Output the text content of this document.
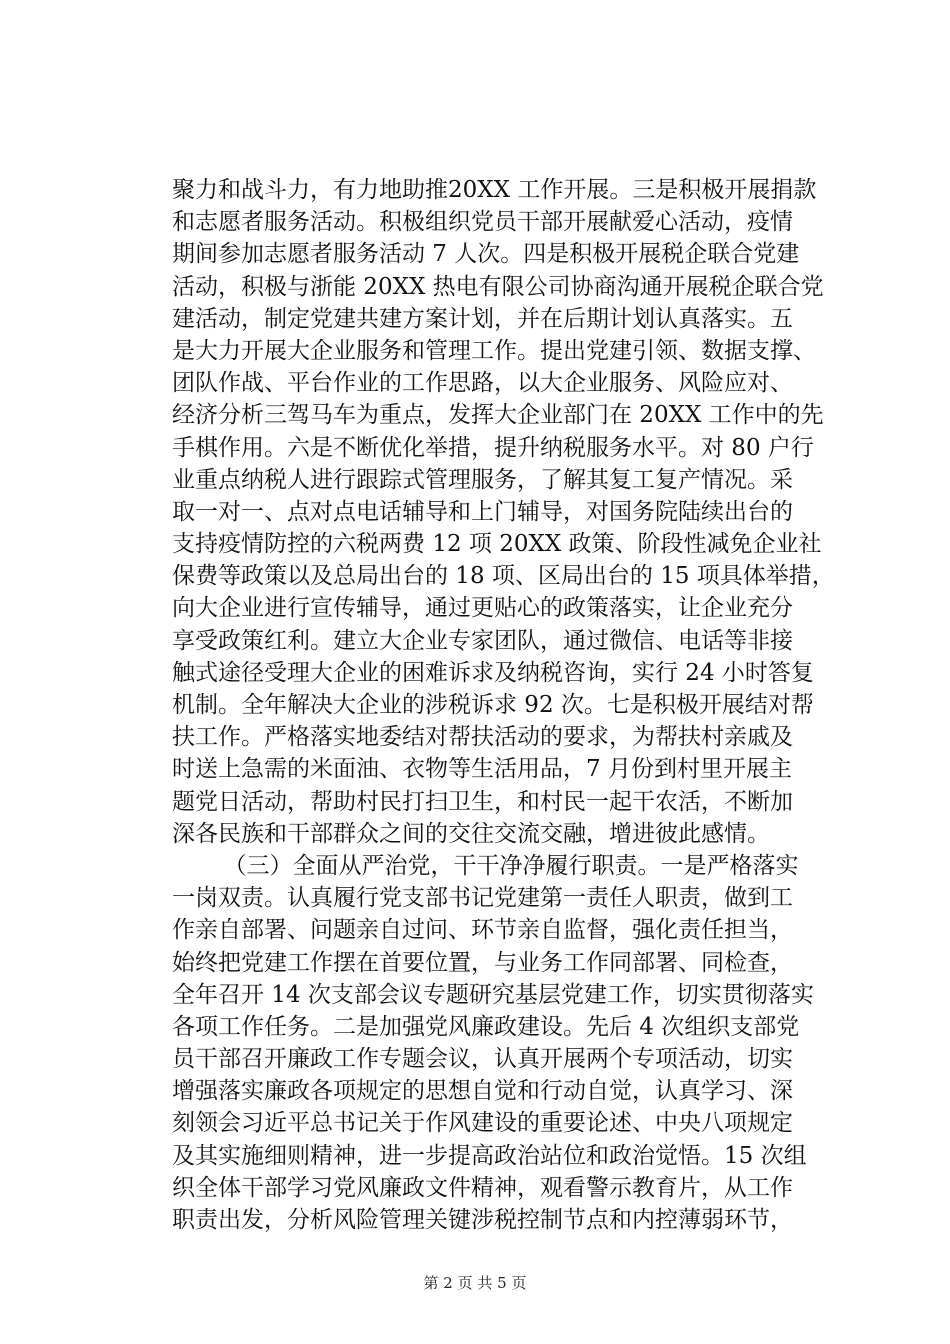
聚力和战斗力，有力地助推20XX 工作开展。三是积极开展捐款
和志愿者服务活动。积极组织党员干部开展献爱心活动，疫情
期间参加志愿者服务活动 7 人次。四是积极开展税企联合党建
活动，积极与浙能 20XX 热电有限公司协商沟通开展税企联合党
建活动，制定党建共建方案计划，并在后期计划认真落实。五
是大力开展大企业服务和管理工作。提出党建引领、数据支撑、
团队作战、平台作业的工作思路，以大企业服务、风险应对、
经济分析三驾马车为重点，发挥大企业部门在 20XX 工作中的先
手棋作用。六是不断优化举措，提升纳税服务水平。对 80 户行
业重点纳税人进行跟踪式管理服务，了解其复工复产情况。采
取一对一、点对点电话辅导和上门辅导，对国务院陆续出台的
支持疫情防控的六税两费 12 项 20XX 政策、阶段性减免企业社
保费等政策以及总局出台的 18 项、区局出台的 15 项具体举措，
向大企业进行宣传辅导，通过更贴心的政策落实，让企业充分
享受政策红利。建立大企业专家团队，通过微信、电话等非接
触式途径受理大企业的困难诉求及纳税咨询，实行 24 小时答复
机制。全年解决大企业的涉税诉求 92 次。七是积极开展结对帮
扶工作。严格落实地委结对帮扶活动的要求，为帮扶村亲戚及
时送上急需的米面油、衣物等生活用品，7 月份到村里开展主
题党日活动，帮助村民打扫卫生，和村民一起干农活，不断加
深各民族和干部群众之间的交往交流交融，增进彼此感情。
　　（三）全面从严治党，干干净净履行职责。一是严格落实
一岗双责。认真履行党支部书记党建第一责任人职责，做到工
作亲自部署、问题亲自过问、环节亲自监督，强化责任担当，
始终把党建工作摆在首要位置，与业务工作同部署、同检查，
全年召开 14 次支部会议专题研究基层党建工作，切实贯彻落实
各项工作任务。二是加强党风廉政建设。先后 4 次组织支部党
员干部召开廉政工作专题会议，认真开展两个专项活动，切实
增强落实廉政各项规定的思想自觉和行动自觉，认真学习、深
刻领会习近平总书记关于作风建设的重要论述、中央八项规定
及其实施细则精神，进一步提高政治站位和政治觉悟。15 次组
织全体干部学习党风廉政文件精神，观看警示教育片，从工作
职责出发，分析风险管理关键涉税控制节点和内控薄弱环节，
第 2 页 共 5 页
